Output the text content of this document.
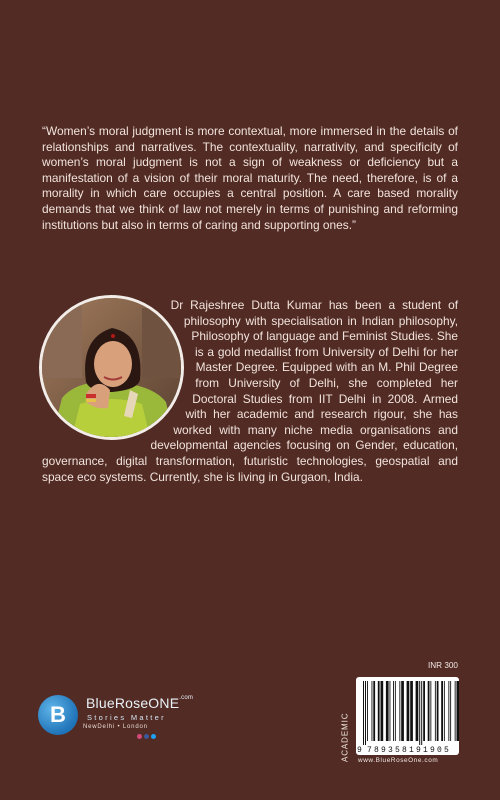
“Women’s moral judgment is more contextual, more immersed in the details of relationships and narratives. The contextuality, narrativity, and specificity of women’s moral judgment is not a sign of weakness or deficiency but a manifestation of a vision of their moral maturity. The need, therefore, is of a morality in which care occupies a central position. A care based morality demands that we think of law not merely in terms of punishing and reforming institutions but also in terms of caring and supporting ones.”

Dr Rajeshree Dutta Kumar has been a student of philosophy with specialisation in Indian philosophy, Philosophy of language and Feminist Studies. She is a gold medallist from University of Delhi for her Master Degree. Equipped with an M. Phil Degree from University of Delhi, she completed her Doctoral Studies from IIT Delhi in 2008. Armed with her academic and research rigour, she has worked with many niche media organisations and developmental agencies focusing on Gender, education, governance, digital transformation, futuristic technologies, geospatial and space eco systems. Currently, she is living in Gurgaon, India.

B BlueRoseONE$^{.com}$
Stories Matter
NewDelhi • London
INR 300
ACADEMIC 9 789358191905
www.BlueRoseOne.com
